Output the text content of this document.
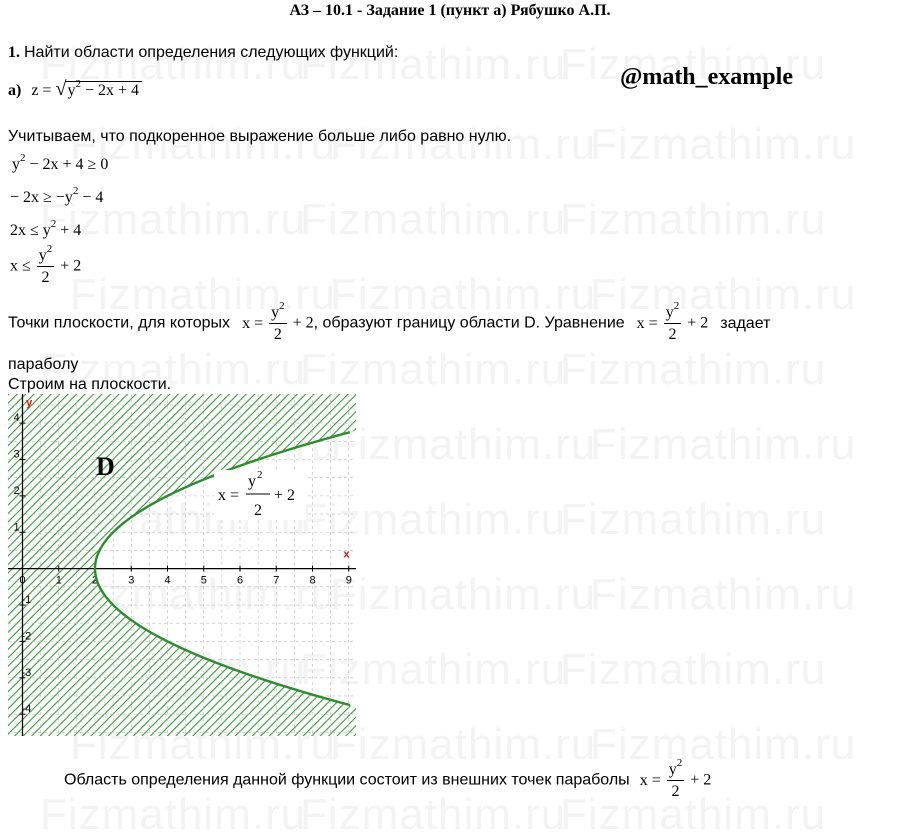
АЗ – 10.1 - Задание 1 (пункт а) Рябушко А.П.
1. Найти области определения следующих функций:
а) $z = √y^2 - 2x + 4$
@math_example
Учитываем, что подкоренное выражение больше либо равно нулю.
$y^2 - 2x + 4 \ge 0$
− $2x \ge -y^2 - 4$
$2x \le y^2 + 4$
$x \le \frac{y^2}{2} + 2$
Точки плоскости, для которых $x = \frac{y^2}{2} + 2$, образуют границу области D. Уравнение $x = \frac{y^2}{2} + 2$ задает
параболу
Строим на плоскости.
x
y
0	1	2	3	4	5	6	7	8	9
4
3
2
1
-1
-2
-3
-4
D
x =
y 2
2
+ 2
Область определения данной функции состоит из внешних точек параболы $x = \frac{y^2}{2} + 2$
